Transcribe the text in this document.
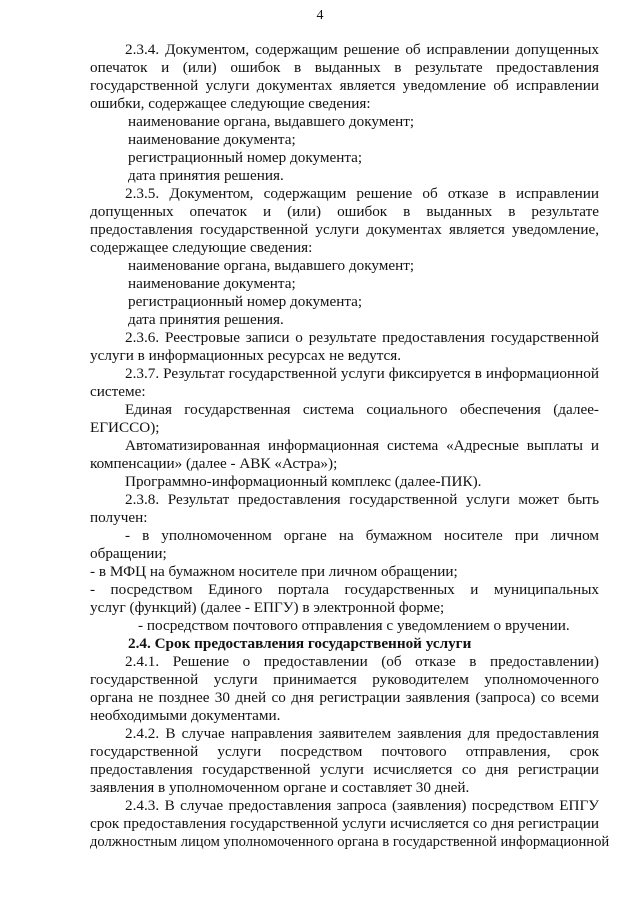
4
2.3.4. Документом, содержащим решение об исправлении допущенных
опечаток и (или) ошибок в выданных в результате предоставления
государственной услуги документах является уведомление об исправлении
ошибки, содержащее следующие сведения:
наименование органа, выдавшего документ;
наименование документа;
регистрационный номер документа;
дата принятия решения.
2.3.5. Документом, содержащим решение об отказе в исправлении
допущенных опечаток и (или) ошибок в выданных в результате
предоставления государственной услуги документах является уведомление,
содержащее следующие сведения:
наименование органа, выдавшего документ;
наименование документа;
регистрационный номер документа;
дата принятия решения.
2.3.6. Реестровые записи о результате предоставления государственной
услуги в информационных ресурсах не ведутся.
2.3.7. Результат государственной услуги фиксируется в информационной
системе:
Единая государственная система социального обеспечения (далее-
ЕГИССО);
Автоматизированная информационная система «Адресные выплаты и
компенсации» (далее - АВК «Астра»);
Программно-информационный комплекс (далее-ПИК).
2.3.8. Результат предоставления государственной услуги может быть
получен:
- в уполномоченном органе на бумажном носителе при личном
обращении;
- в МФЦ на бумажном носителе при личном обращении;
- посредством Единого портала государственных и муниципальных
услуг (функций) (далее - ЕПГУ) в электронной форме;
- посредством почтового отправления с уведомлением о вручении.
2.4. Срок предоставления государственной услуги
2.4.1. Решение о предоставлении (об отказе в предоставлении)
государственной услуги принимается руководителем уполномоченного
органа не позднее 30 дней со дня регистрации заявления (запроса) со всеми
необходимыми документами.
2.4.2. В случае направления заявителем заявления для предоставления
государственной услуги посредством почтового отправления, срок
предоставления государственной услуги исчисляется со дня регистрации
заявления в уполномоченном органе и составляет 30 дней.
2.4.3. В случае предоставления запроса (заявления) посредством ЕПГУ
срок предоставления государственной услуги исчисляется со дня регистрации
должностным лицом уполномоченного органа в государственной информационной
